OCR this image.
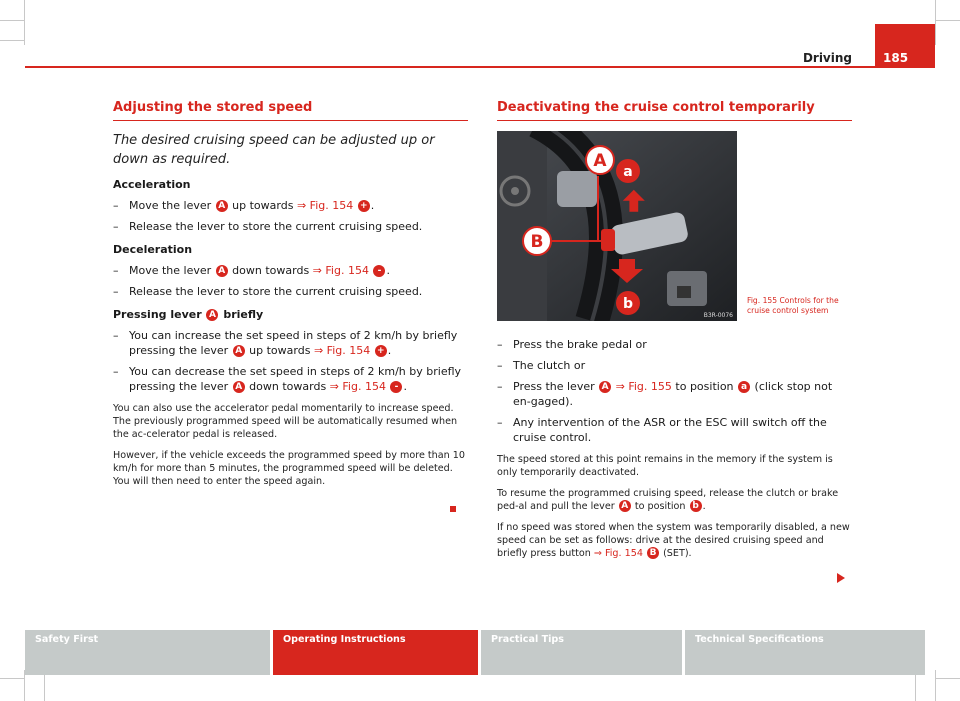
Driving	185
Adjusting the stored speed
The desired cruising speed can be adjusted up or down as required.
Acceleration
– Move the lever A up towards ⇒ Fig. 154 + .
– Release the lever to store the current cruising speed.
Deceleration
– Move the lever A down towards ⇒ Fig. 154 - .
– Release the lever to store the current cruising speed.
Pressing lever A briefly
– You can increase the set speed in steps of 2 km/h by briefly pressing the lever A up towards ⇒ Fig. 154 + .
– You can decrease the set speed in steps of 2 km/h by briefly pressing the lever A down towards ⇒ Fig. 154 - .
You can also use the accelerator pedal momentarily to increase speed. The previously programmed speed will be automatically resumed when the ac-celerator pedal is released.
However, if the vehicle exceeds the programmed speed by more than 10 km/h for more than 5 minutes, the programmed speed will be deleted. You will then need to enter the speed again.
Deactivating the cruise control temporarily
A
a
B
b
B3R-0076
Fig. 155 Controls for the cruise control system
– Press the brake pedal or
– The clutch or
– Press the lever A ⇒ Fig. 155 to position a (click stop not en-gaged).
– Any intervention of the ASR or the ESC will switch off the cruise control.
The speed stored at this point remains in the memory if the system is only temporarily deactivated.
To resume the programmed cruising speed, release the clutch or brake ped-al and pull the lever A to position b .
If no speed was stored when the system was temporarily disabled, a new speed can be set as follows: drive at the desired cruising speed and briefly press button ⇒ Fig. 154 B (SET).
Safety First	Operating Instructions	Practical Tips	Technical Specifications
